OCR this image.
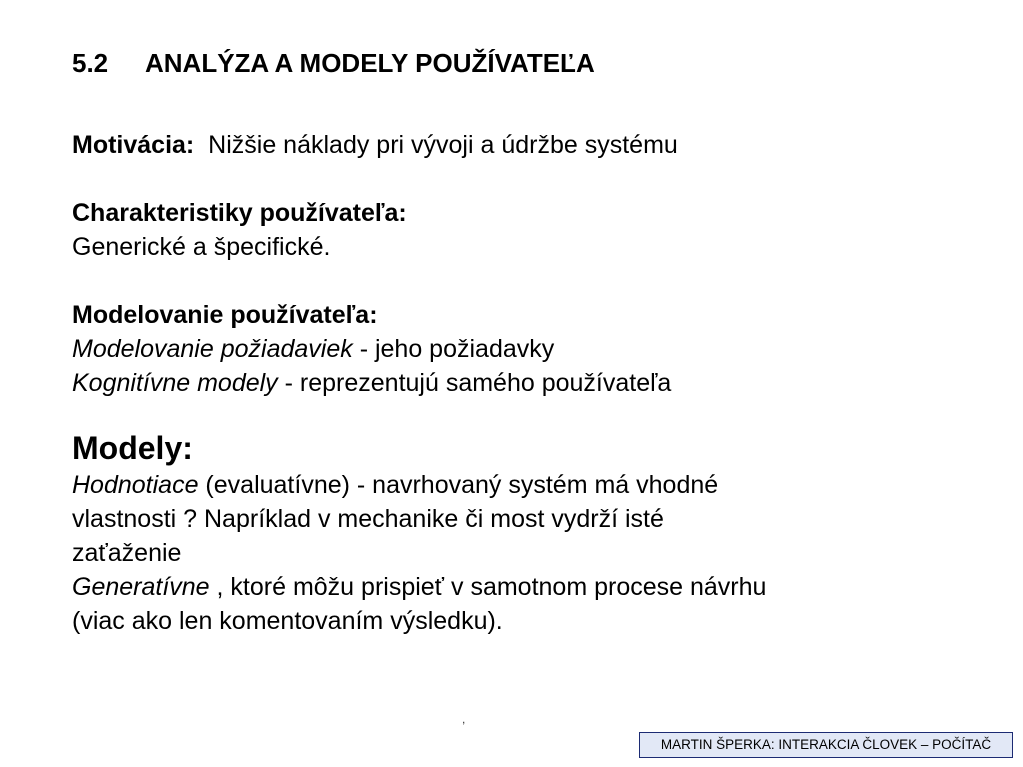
5.2 ANALÝZA A MODELY POUŽÍVATEĽA
Motivácia: Nižšie náklady pri vývoji a údržbe systému
Charakteristiky používateľa:
Generické a špecifické.
Modelovanie používateľa:
Modelovanie požiadaviek - jeho požiadavky
Kognitívne modely - reprezentujú samého používateľa
Modely:
Hodnotiace (evaluatívne) - navrhovaný systém má vhodné
vlastnosti ? Napríklad v mechanike či most vydrží isté
zaťaženie
Generatívne , ktoré môžu prispieť v samotnom procese návrhu
(viac ako len komentovaním výsledku).
,
MARTIN ŠPERKA: INTERAKCIA ČLOVEK – POČÍTAČ
